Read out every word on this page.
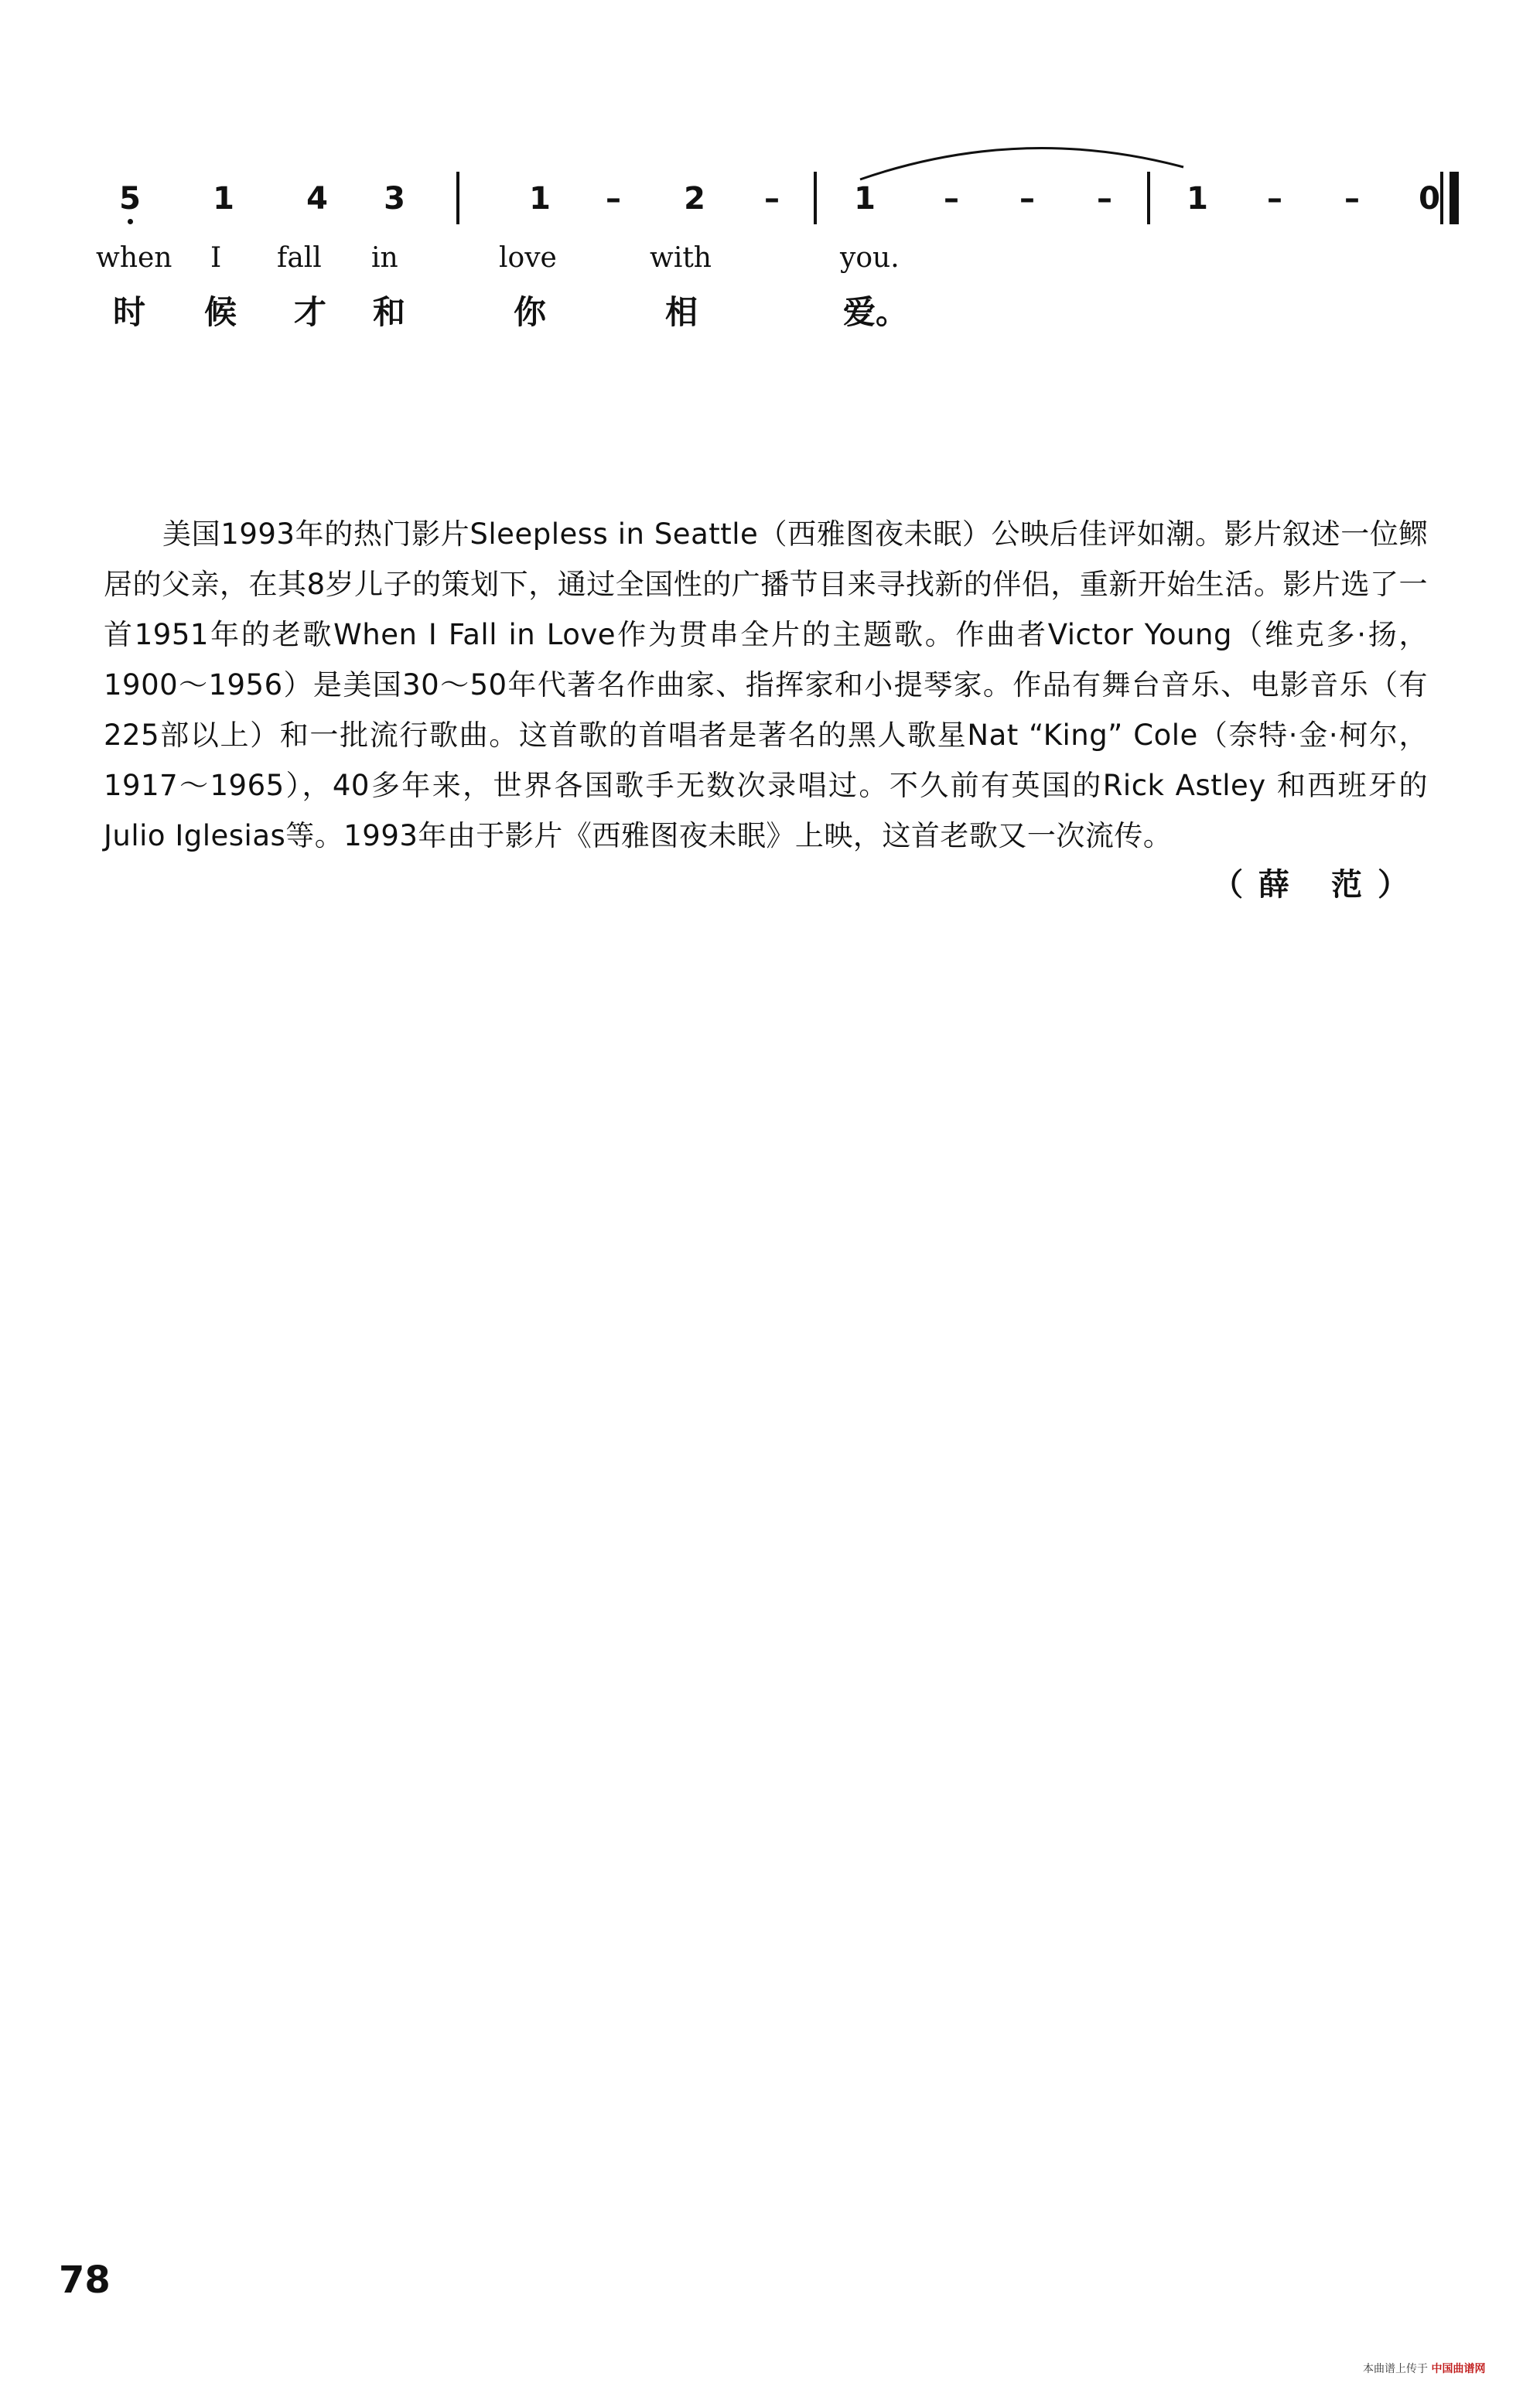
5 1 4 3	1	–	2	–	1	–	–	–	1	–	–	0
when I fall in	love	with	you.
时 候 才 和	你	相	爱。

美国1993年的热门影片Sleepless in Seattle（西雅图夜未眠）公映后佳评如潮。影片叙述一位鳏居的父亲，在其8岁儿子的策划下，通过全国性的广播节目来寻找新的伴侣，重新开始生活。影片选了一首1951年的老歌When I Fall in Love作为贯串全片的主题歌。作曲者Victor Young（维克多·扬，1900～1956）是美国30～50年代著名作曲家、指挥家和小提琴家。作品有舞台音乐、电影音乐（有225部以上）和一批流行歌曲。这首歌的首唱者是著名的黑人歌星Nat “King” Cole（奈特·金·柯尔，1917～1965），40多年来，世界各国歌手无数次录唱过。不久前有英国的Rick Astley 和西班牙的Julio Iglesias等。1993年由于影片《西雅图夜未眠》上映，这首老歌又一次流传。

（薛 范）
78
本曲谱上传于 中国曲谱网
